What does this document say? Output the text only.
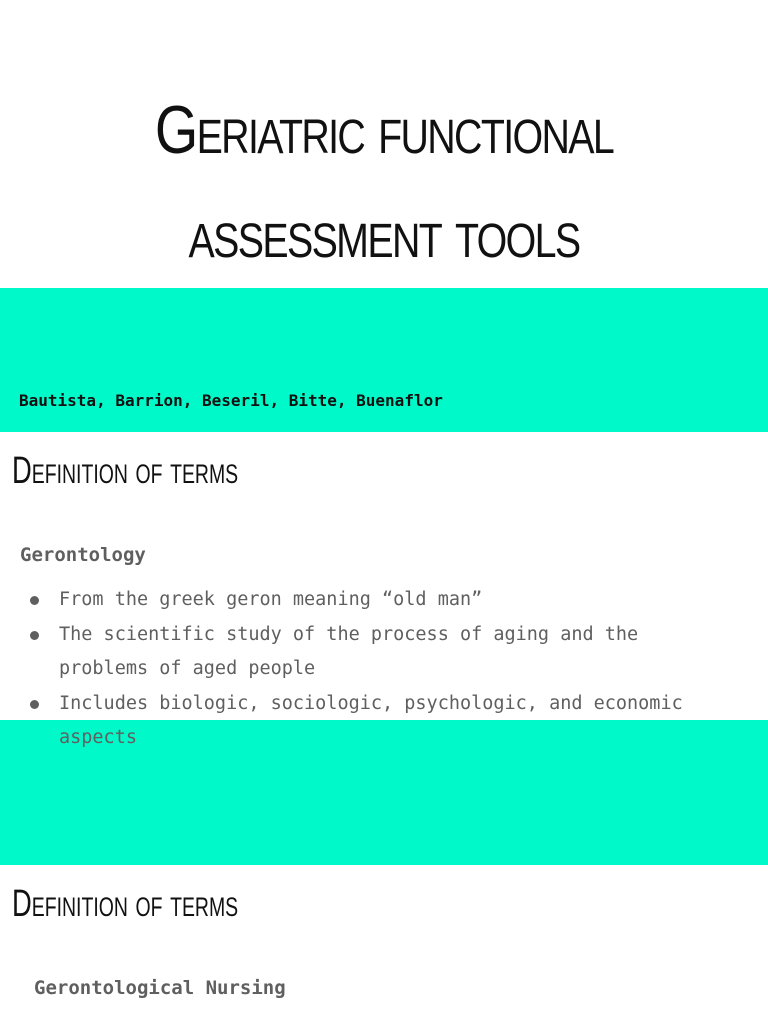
Geriatric functional assessment tools
Bautista, Barrion, Beseril, Bitte, Buenaflor
Definition of terms
Gerontology
From the greek geron meaning “old man”
The scientific study of the process of aging and the problems of aged people
Includes biologic, sociologic, psychologic, and economic aspects
Definition of terms
Gerontological Nursing
